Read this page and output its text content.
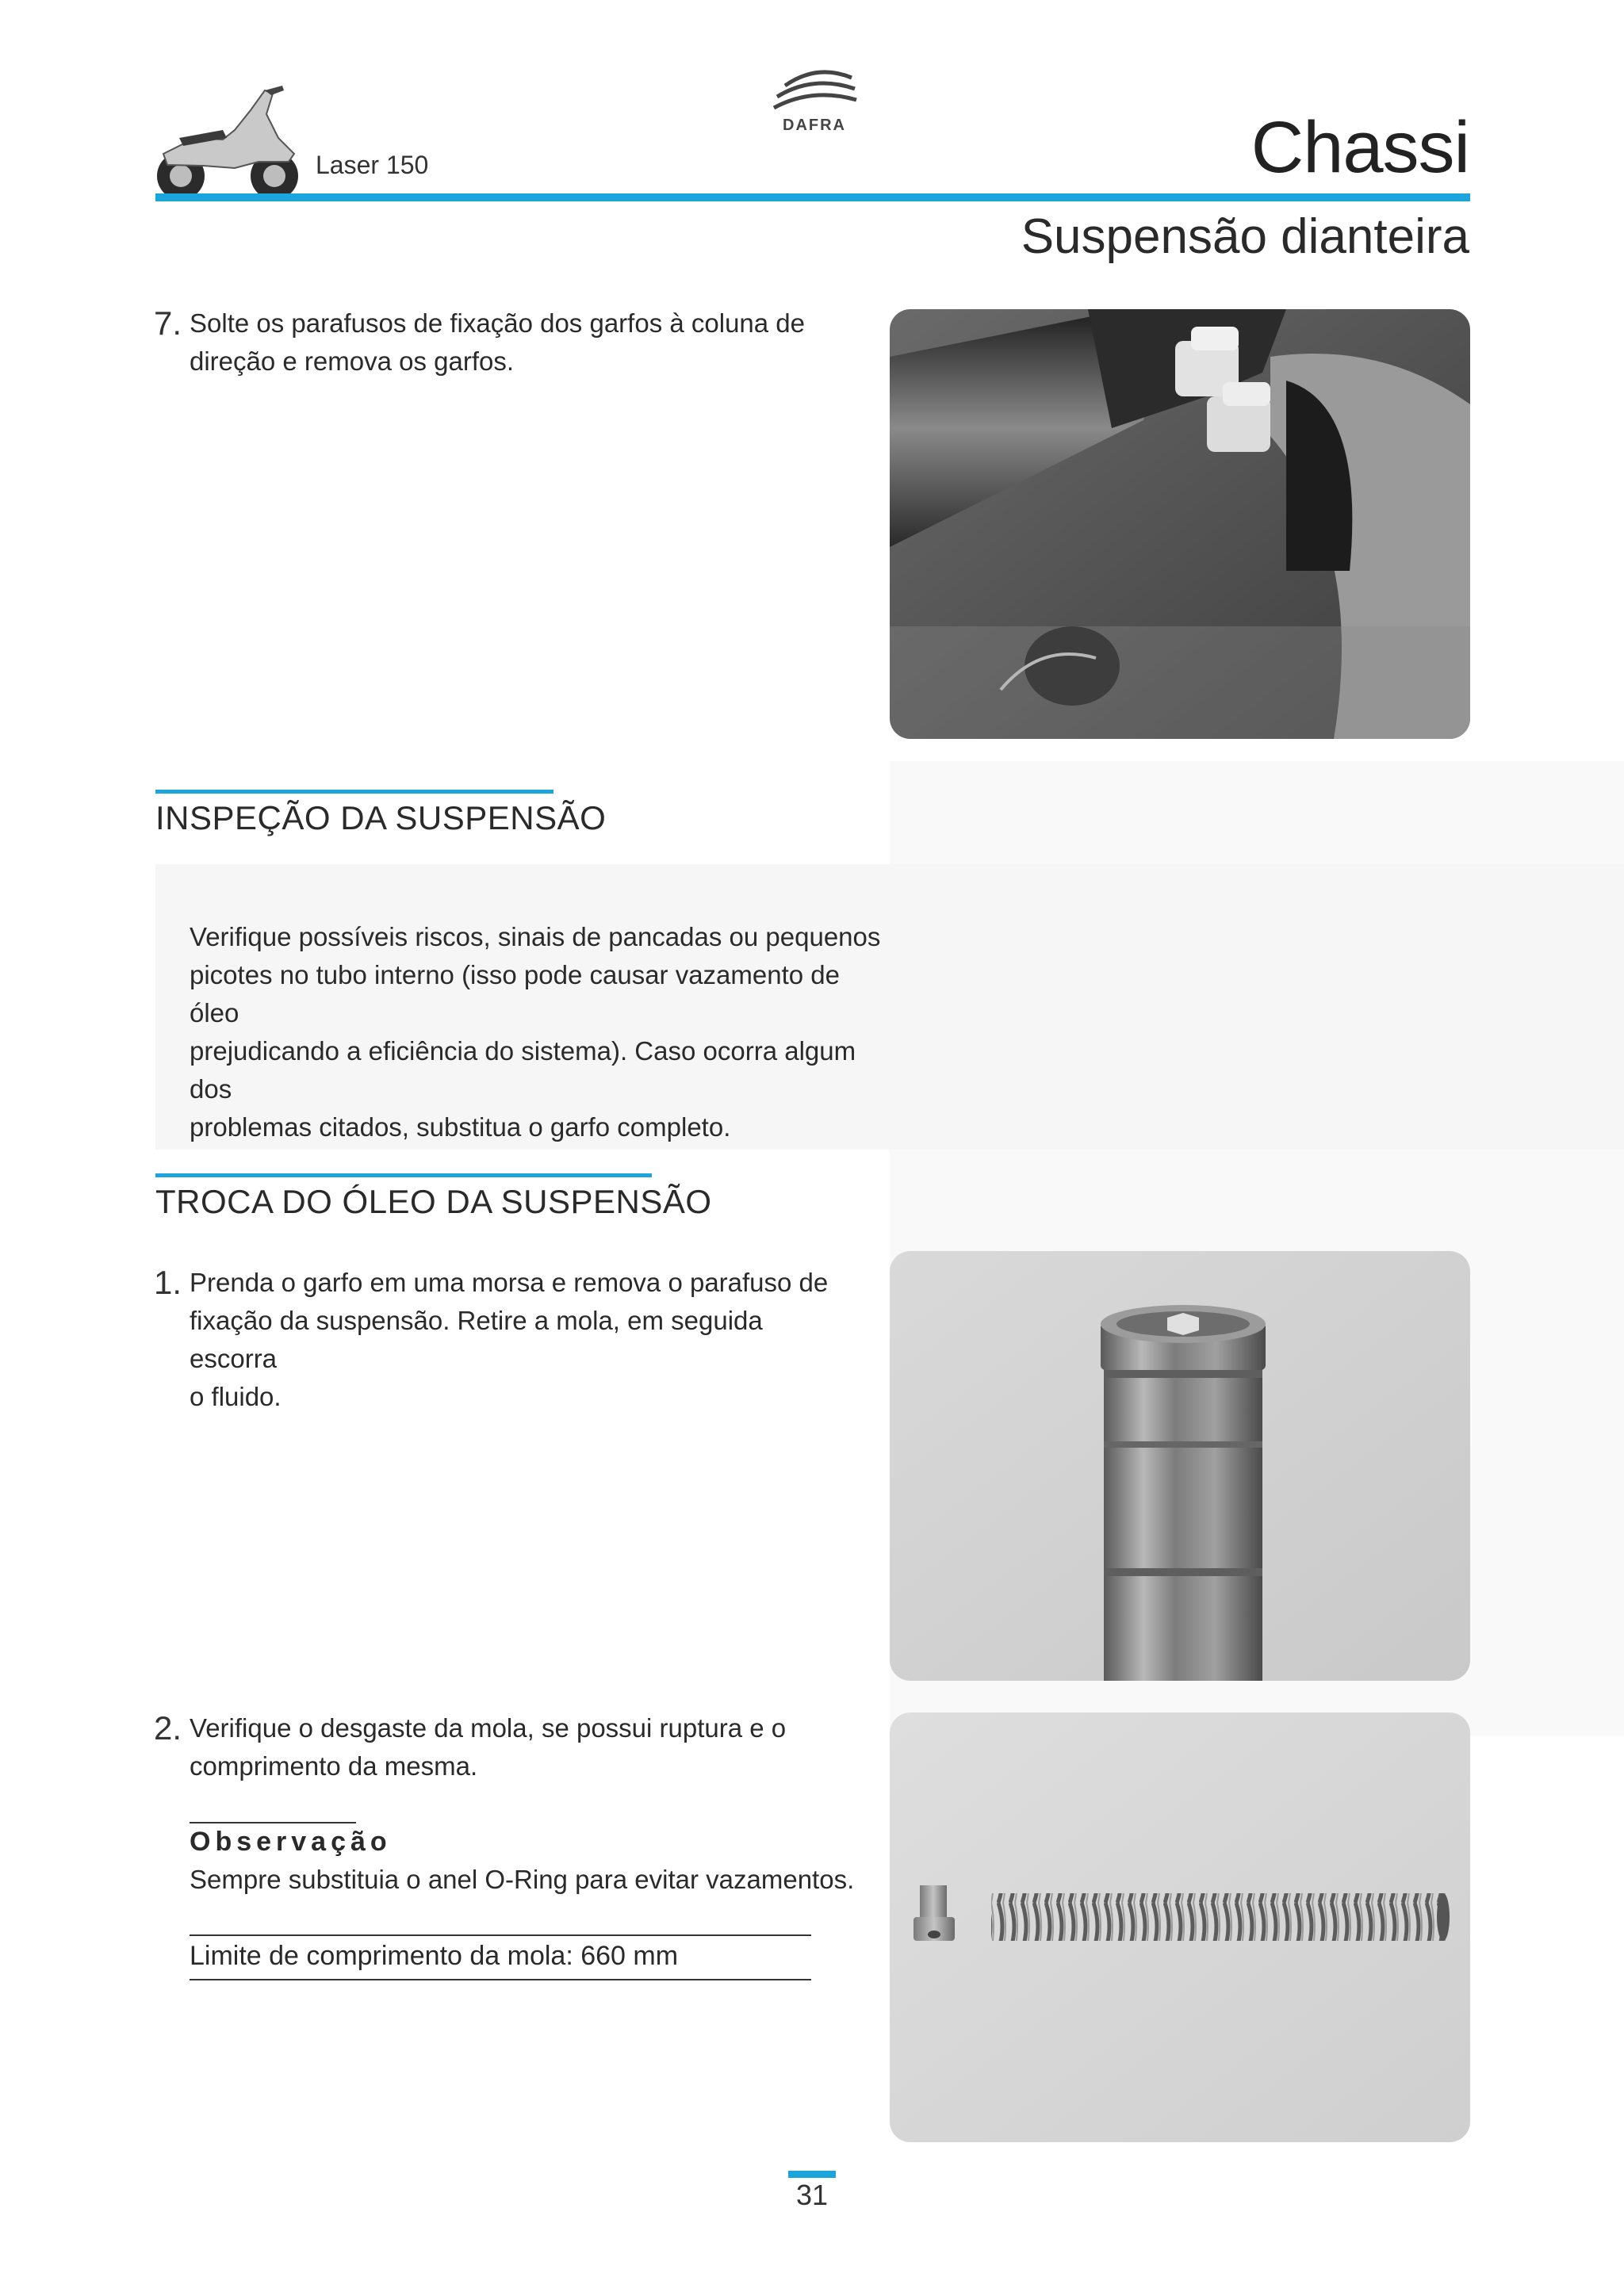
DAFRA
Laser 150	Chassi
Suspensão dianteira
7. Solte os parafusos de fixação dos garfos à coluna de
direção e remova os garfos.
INSPEÇÃO DA SUSPENSÃO
Verifique possíveis riscos, sinais de pancadas ou pequenos
picotes no tubo interno (isso pode causar vazamento de óleo
prejudicando a eficiência do sistema). Caso ocorra algum dos
problemas citados, substitua o garfo completo.
TROCA DO ÓLEO DA SUSPENSÃO
1. Prenda o garfo em uma morsa e remova o parafuso de
fixação da suspensão. Retire a mola, em seguida escorra
o fluido.
2. Verifique o desgaste da mola, se possui ruptura e o
comprimento da mesma.
Observação
Sempre substituia o anel O-Ring para evitar vazamentos.
Limite de comprimento da mola: 660 mm
31
